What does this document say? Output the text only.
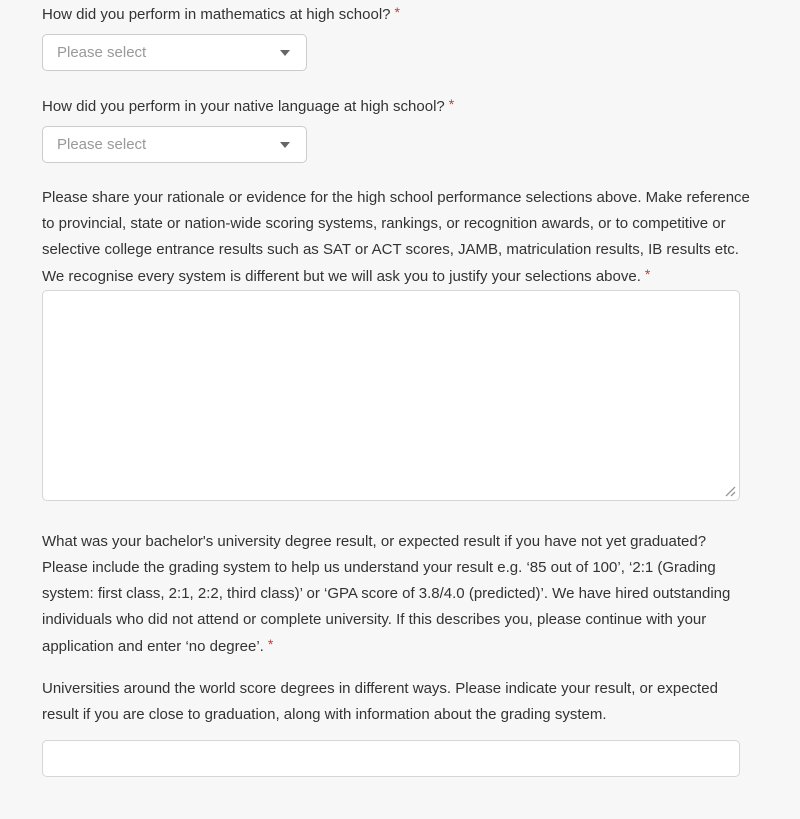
How did you perform in mathematics at high school? *

Please select

How did you perform in your native language at high school? *

Please select

Please share your rationale or evidence for the high school performance selections above. Make reference to provincial, state or nation-wide scoring systems, rankings, or recognition awards, or to competitive or selective college entrance results such as SAT or ACT scores, JAMB, matriculation results, IB results etc. We recognise every system is different but we will ask you to justify your selections above. *

What was your bachelor's university degree result, or expected result if you have not yet graduated? Please include the grading system to help us understand your result e.g. ‘85 out of 100’, ‘2:1 (Grading system: first class, 2:1, 2:2, third class)’ or ‘GPA score of 3.8/4.0 (predicted)’. We have hired outstanding individuals who did not attend or complete university. If this describes you, please continue with your application and enter ‘no degree’. *

Universities around the world score degrees in different ways. Please indicate your result, or expected result if you are close to graduation, along with information about the grading system.
